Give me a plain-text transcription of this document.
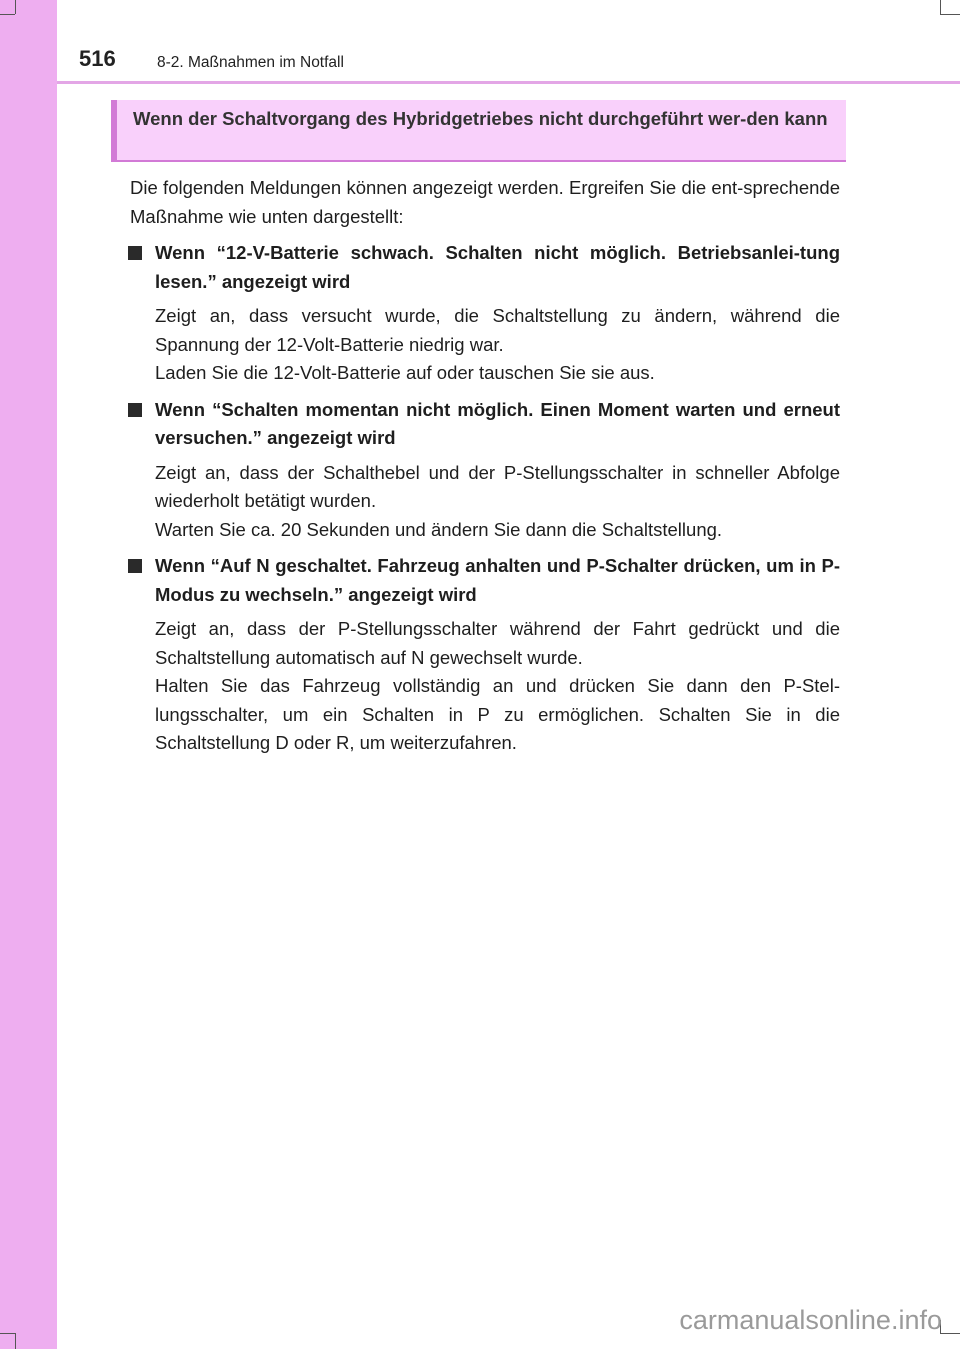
516	8-2. Maßnahmen im Notfall
Wenn der Schaltvorgang des Hybridgetriebes nicht durchgeführt wer-den kann

Die folgenden Meldungen können angezeigt werden. Ergreifen Sie die ent-sprechende Maßnahme wie unten dargestellt:

Wenn “12-V-Batterie schwach. Schalten nicht möglich. Betriebsanlei-tung lesen.” angezeigt wird

Zeigt an, dass versucht wurde, die Schaltstellung zu ändern, während die Spannung der 12-Volt-Batterie niedrig war.

Laden Sie die 12-Volt-Batterie auf oder tauschen Sie sie aus.

Wenn “Schalten momentan nicht möglich. Einen Moment warten und erneut versuchen.” angezeigt wird

Zeigt an, dass der Schalthebel und der P-Stellungsschalter in schneller Abfolge wiederholt betätigt wurden.

Warten Sie ca. 20 Sekunden und ändern Sie dann die Schaltstellung.

Wenn “Auf N geschaltet. Fahrzeug anhalten und P-Schalter drücken, um in P-Modus zu wechseln.” angezeigt wird

Zeigt an, dass der P-Stellungsschalter während der Fahrt gedrückt und die Schaltstellung automatisch auf N gewechselt wurde.

Halten Sie das Fahrzeug vollständig an und drücken Sie dann den P-Stel-lungsschalter, um ein Schalten in P zu ermöglichen. Schalten Sie in die Schaltstellung D oder R, um weiterzufahren.

carmanualsonline.info
